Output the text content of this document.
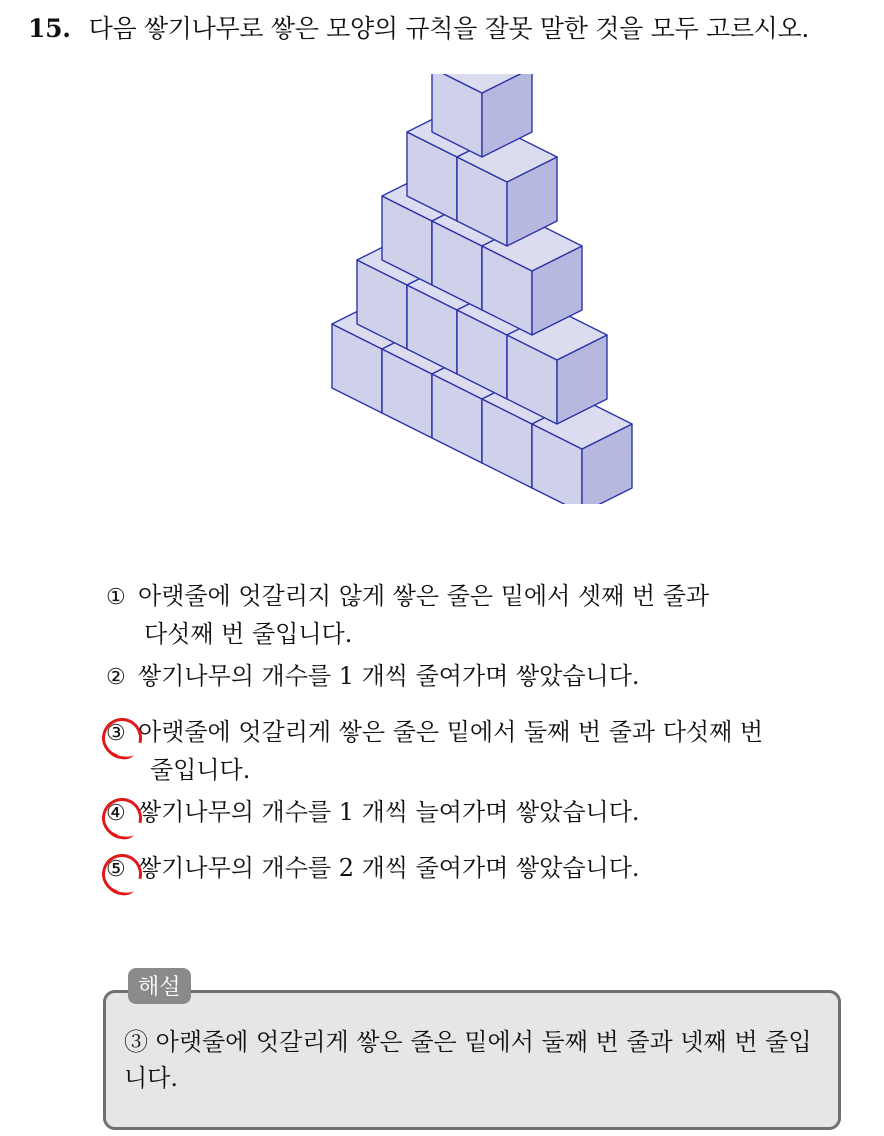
15. 다음 쌓기나무로 쌓은 모양의 규칙을 잘못 말한 것을 모두 고르시오.
① 아랫줄에 엇갈리지 않게 쌓은 줄은 밑에서 셋째 번 줄과
다섯째 번 줄입니다.
② 쌓기나무의 개수를 1 개씩 줄여가며 쌓았습니다.
③ 아랫줄에 엇갈리게 쌓은 줄은 밑에서 둘째 번 줄과 다섯째 번
줄입니다.
④ 쌓기나무의 개수를 1 개씩 늘여가며 쌓았습니다.
⑤ 쌓기나무의 개수를 2 개씩 줄여가며 쌓았습니다.
해설
③ 아랫줄에 엇갈리게 쌓은 줄은 밑에서 둘째 번 줄과 넷째 번 줄입니다.
